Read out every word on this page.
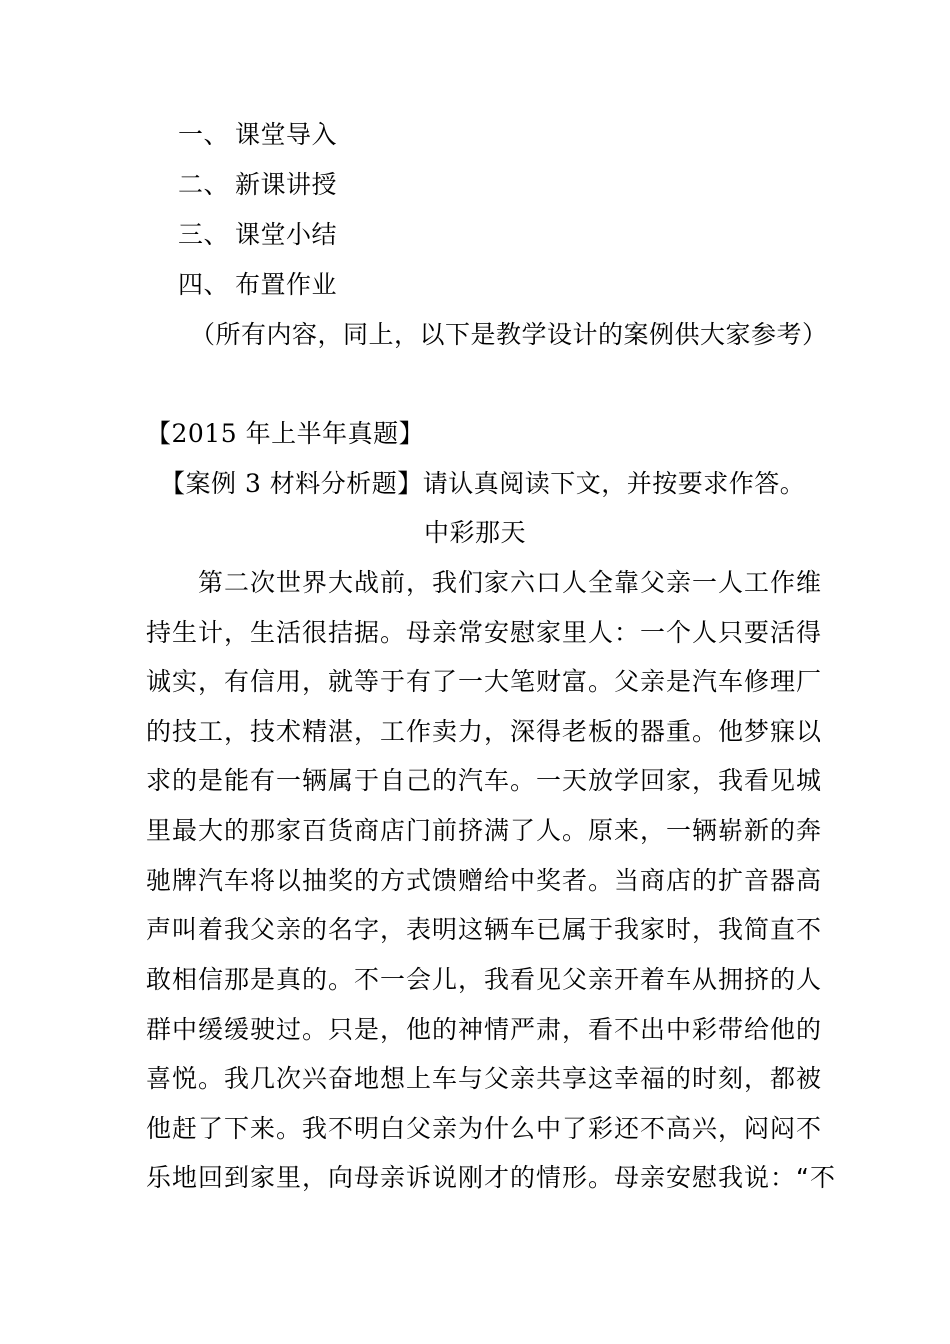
一、 课堂导入
二、 新课讲授
三、 课堂小结
四、 布置作业
（所有内容，同上，以下是教学设计的案例供大家参考）
【2015 年上半年真题】
【案例 3 材料分析题】请认真阅读下文，并按要求作答。
中彩那天
　　第二次世界大战前，我们家六口人全靠父亲一人工作维
持生计，生活很拮据。母亲常安慰家里人：一个人只要活得
诚实，有信用，就等于有了一大笔财富。父亲是汽车修理厂
的技工，技术精湛，工作卖力，深得老板的器重。他梦寐以
求的是能有一辆属于自己的汽车。一天放学回家，我看见城
里最大的那家百货商店门前挤满了人。原来，一辆崭新的奔
驰牌汽车将以抽奖的方式馈赠给中奖者。当商店的扩音器高
声叫着我父亲的名字，表明这辆车已属于我家时，我简直不
敢相信那是真的。不一会儿，我看见父亲开着车从拥挤的人
群中缓缓驶过。只是，他的神情严肃，看不出中彩带给他的
喜悦。我几次兴奋地想上车与父亲共享这幸福的时刻，都被
他赶了下来。我不明白父亲为什么中了彩还不高兴，闷闷不
乐地回到家里，向母亲诉说刚才的情形。母亲安慰我说：“不
